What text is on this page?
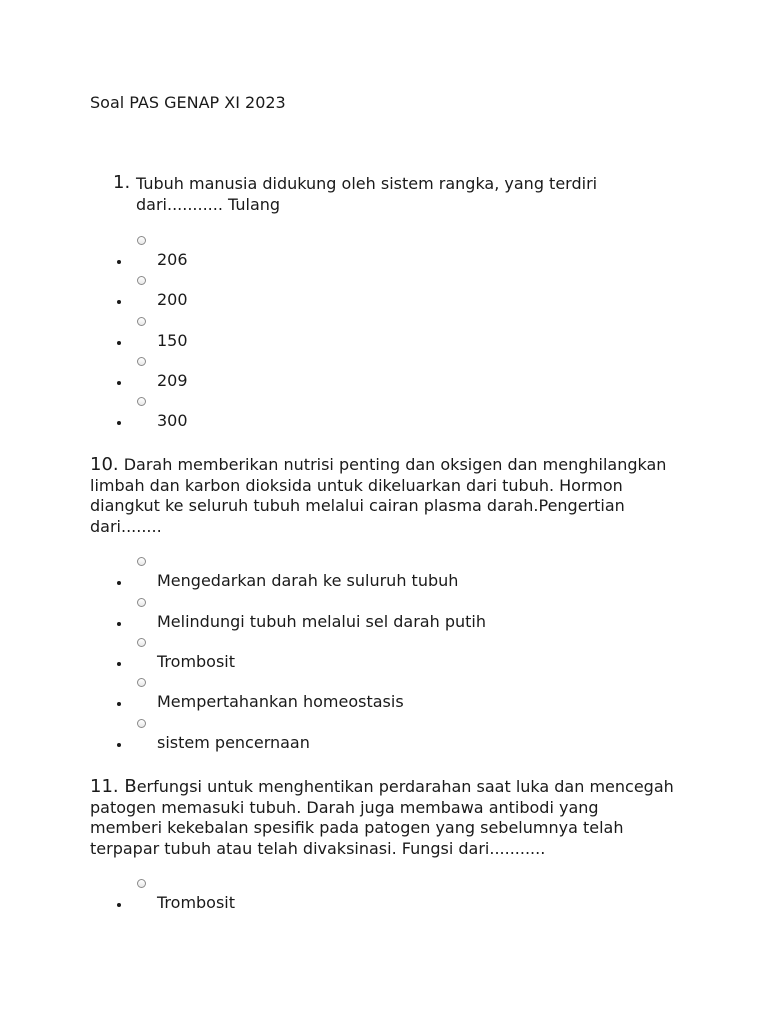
Soal PAS GENAP XI 2023
1. Tubuh manusia didukung oleh sistem rangka, yang terdiri dari........... Tulang
206
200
150
209
300
10. Darah memberikan nutrisi penting dan oksigen dan menghilangkan limbah dan karbon dioksida untuk dikeluarkan dari tubuh. Hormon diangkut ke seluruh tubuh melalui cairan plasma darah.Pengertian dari........
Mengedarkan darah ke suluruh tubuh
Melindungi tubuh melalui sel darah putih
Trombosit
Mempertahankan homeostasis
sistem pencernaan
11. Berfungsi untuk menghentikan perdarahan saat luka dan mencegah patogen memasuki tubuh. Darah juga membawa antibodi yang memberi kekebalan spesifik pada patogen yang sebelumnya telah terpapar tubuh atau telah divaksinasi. Fungsi dari...........
Trombosit
